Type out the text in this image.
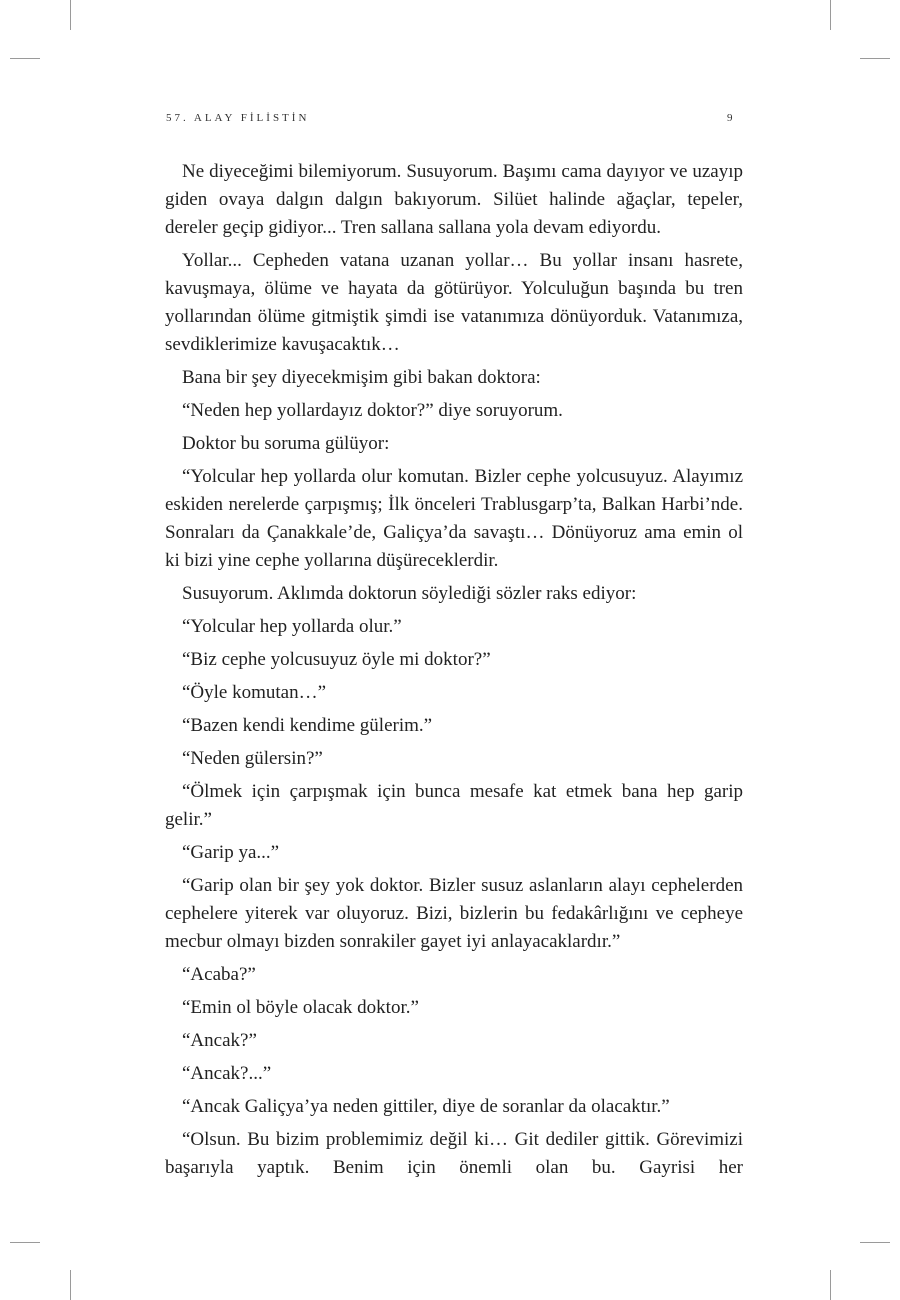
57. ALAY FİLİSTİN	9

Ne diyeceğimi bilemiyorum. Susuyorum. Başımı cama dayıyor ve uzayıp giden ovaya dalgın dalgın bakıyorum. Silüet halinde ağaçlar, tepeler, dereler geçip gidiyor... Tren sallana sallana yola devam ediyordu.

Yollar... Cepheden vatana uzanan yollar… Bu yollar insanı hasrete, kavuşmaya, ölüme ve hayata da götürüyor. Yolculuğun başında bu tren yollarından ölüme gitmiştik şimdi ise vatanımıza dönüyorduk. Vatanımıza, sevdiklerimize kavuşacaktık…

Bana bir şey diyecekmişim gibi bakan doktora:

“Neden hep yollardayız doktor?” diye soruyorum.

Doktor bu soruma gülüyor:

“Yolcular hep yollarda olur komutan. Bizler cephe yolcusuyuz. Alayımız eskiden nerelerde çarpışmış; İlk önceleri Trablusgarp’ta, Balkan Harbi’nde. Sonraları da Çanakkale’de, Galiçya’da savaştı… Dönüyoruz ama emin ol ki bizi yine cephe yollarına düşüreceklerdir.

Susuyorum. Aklımda doktorun söylediği sözler raks ediyor:

“Yolcular hep yollarda olur.”

“Biz cephe yolcusuyuz öyle mi doktor?”

“Öyle komutan…”

“Bazen kendi kendime gülerim.”

“Neden gülersin?”

“Ölmek için çarpışmak için bunca mesafe kat etmek bana hep garip gelir.”

“Garip ya...”

“Garip olan bir şey yok doktor. Bizler susuz aslanların alayı cephelerden cephelere yiterek var oluyoruz. Bizi, bizlerin bu fedakârlığını ve cepheye mecbur olmayı bizden sonrakiler gayet iyi anlayacaklardır.”

“Acaba?”

“Emin ol böyle olacak doktor.”

“Ancak?”

“Ancak?...”

“Ancak Galiçya’ya neden gittiler, diye de soranlar da olacaktır.”

“Olsun. Bu bizim problemimiz değil ki… Git dediler gittik. Görevimizi başarıyla yaptık. Benim için önemli olan bu. Gayrisi her
